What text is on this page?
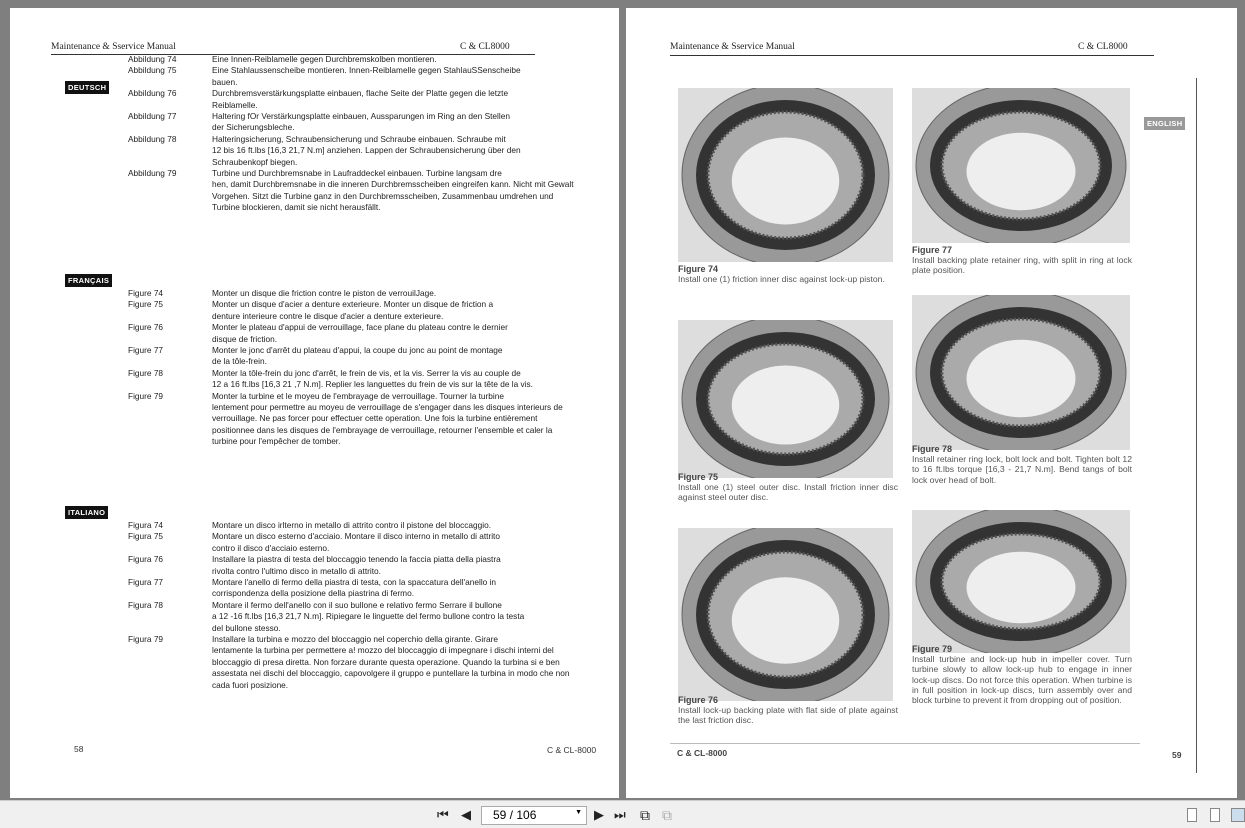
Maintenance & Sservice Manual	C & CL8000
DEUTSCH
Abbildung 74	Eine Innen-Reiblamelle gegen Durchbremskolben montieren.
Abbildung 75	Eine Stahlaussenscheibe montieren. Innen-Reiblamelle gegen StahlauSSenscheibe
bauen.
Abbildung 76	Durchbremsverstärkungsplatte einbauen, flache Seite der Platte gegen die letzte
Reiblamelle.
Abbildung 77	Haltering fOr Verstärkungsplatte einbauen, Aussparungen im Ring an den Stellen
der Sicherungsbleche.
Abbildung 78	Halteringsicherung, Schraubensicherung und Schraube einbauen. Schraube mit
12 bis 16 ft.lbs [16,3 21,7 N.m] anziehen. Lappen der Schraubensicherung über den
Schraubenkopf biegen.
Abbildung 79	Turbine und Durchbremsnabe in Laufraddeckel einbauen. Turbine langsam dre
hen, damit Durchbremsnabe in die inneren Durchbremsscheiben eingreifen kann. Nicht mit Gewalt
Vorgehen. Sitzt die Turbine ganz in den Durchbremsscheiben, Zusammenbau umdrehen und
Turbine blockieren, damit sie nicht herausfällt.
FRANÇAIS
Figure 74	Monter un disque die friction contre le piston de verrouilJage.
Figure 75	Monter un disque d'acier a denture exterieure. Monter un disque de friction a
denture interieure contre le disque d'acier a denture exterieure.
Figure 76	Monter le plateau d'appui de verrouillage, face plane du plateau contre le dernier
disque de friction.
Figure 77	Monter le jonc d'arrêt du plateau d'appui, la coupe du jonc au point de montage
de la tôle-frein.
Figure 78	Monter la tôle-frein du jonc d'arrêt, le frein de vis, et la vis. Serrer la vis au couple de
12 a 16 ft.lbs [16,3 21 ,7 N.m]. Replier les languettes du frein de vis sur la tête de la vis.
Figure 79	Monter la turbine et le moyeu de l'embrayage de verrouillage. Tourner la turbine
lentement pour permettre au moyeu de verrouillage de s'engager dans les disques interieurs de
verrouillage. Ne pas forcer pour effectuer cette operation. Une fois la turbine entièrement
positionnee dans les disques de l'embrayage de verrouillage, retourner l'ensemble et caler la
turbine pour l'empêcher de tomber.
ITALIANO
Figura 74	Montare un disco irlterno in metallo di attrito contro il pistone del bloccaggio.
Figura 75	Montare un disco esterno d'acciaio. Montare il disco interno in metallo di attrito
contro il disco d'acciaio esterno.
Figura 76	Installare la piastra di testa del bloccaggio tenendo la faccia piatta della piastra
rivolta contro l'ultimo disco in metallo di attrito.
Figura 77	Montare l'anello di fermo della piastra di testa, con la spaccatura dell'anello in
corrispondenza della posizione della piastrina di fermo.
Figura 78	Montare il fermo dell'anello con il suo bullone e relativo fermo Serrare il bullone
a 12 -16 ft.lbs [16,3 21,7 N.m]. Ripiegare le linguette del fermo bullone contro la testa
del bullone stesso.
Figura 79	Installare la turbina e mozzo del bloccaggio nel coperchio della girante. Girare
lentamente la turbina per permettere a! mozzo del bloccaggio di impegnare i dischi interni del
bloccaggio di presa diretta. Non forzare durante questa operazione. Quando la turbina si e ben
assestata nei dischi del bloccaggio, capovolgere il gruppo e puntellare la turbina in modo che non
cada fuori posizione.
58	C & CL-8000
Maintenance & Sservice Manual	C & CL8000
ENGLISH
Figure 74
Install one (1) friction inner disc against lock-up piston.
Figure 77
Install backing plate retainer ring, with split in ring at lock plate position.
Figure 75
Install one (1) steel outer disc. Install friction inner disc against steel outer disc.
Figure 78
Install retainer ring lock, bolt lock and bolt. Tighten bolt 12 to 16 ft.lbs torque [16,3 - 21,7 N.m]. Bend tangs of bolt lock over head of bolt.
Figure 76
Install lock-up backing plate with flat side of plate against the last friction disc.
Figure 79
Install turbine and lock-up hub in impeller cover. Turn turbine slowly to allow lock-up hub to engage in inner lock-up discs. Do not force this operation. When turbine is in full position in lock-up discs, turn assembly over and block turbine to prevent it from dropping out of position.
C & CL-8000	59
⏮ ◀	59 / 106	▼ ▶ ⏭ ⧉ ⧉
